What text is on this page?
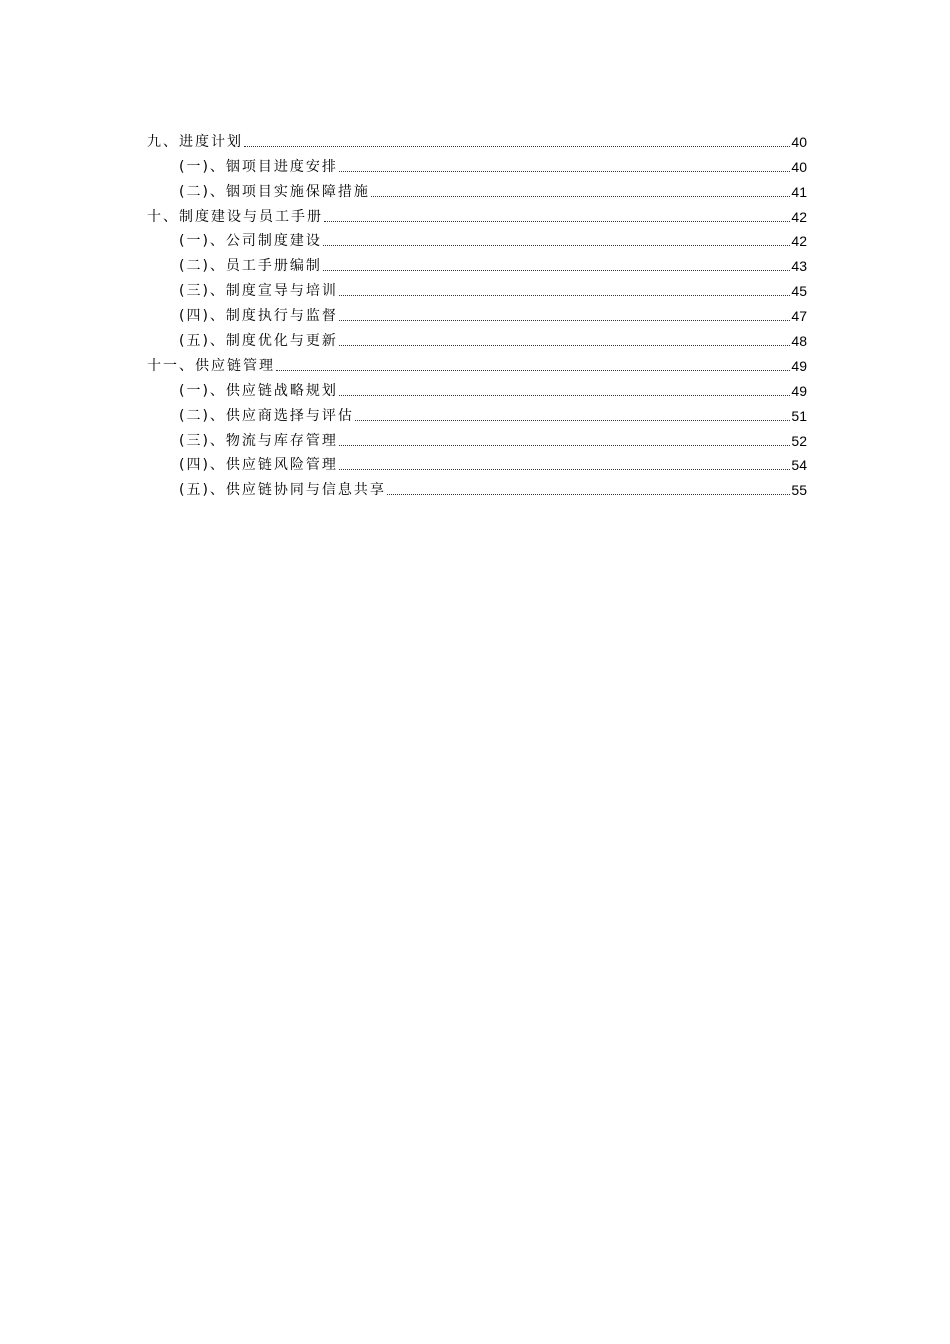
九、进度计划	40
(一)、铟项目进度安排	40
(二)、铟项目实施保障措施	41
十、制度建设与员工手册	42
(一)、公司制度建设	42
(二)、员工手册编制	43
(三)、制度宣导与培训	45
(四)、制度执行与监督	47
(五)、制度优化与更新	48
十一、供应链管理	49
(一)、供应链战略规划	49
(二)、供应商选择与评估	51
(三)、物流与库存管理	52
(四)、供应链风险管理	54
(五)、供应链协同与信息共享	55
